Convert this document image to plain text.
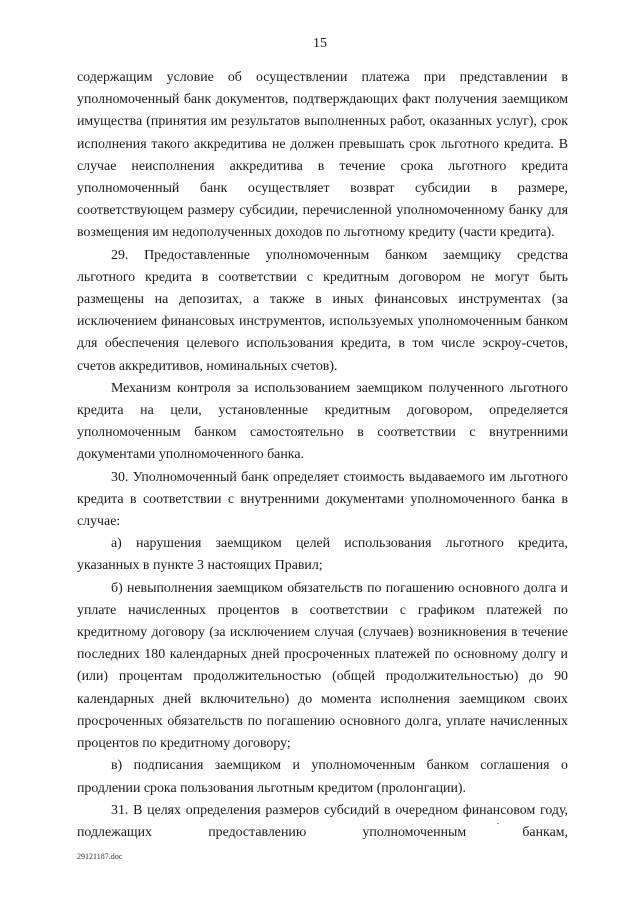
15

содержащим условие об осуществлении платежа при представлении в уполномоченный банк документов, подтверждающих факт получения заемщиком имущества (принятия им результатов выполненных работ, оказанных услуг), срок исполнения такого аккредитива не должен превышать срок льготного кредита. В случае неисполнения аккредитива в течение срока льготного кредита уполномоченный банк осуществляет возврат субсидии в размере, соответствующем размеру субсидии, перечисленной уполномоченному банку для возмещения им недополученных доходов по льготному кредиту (части кредита).

29. Предоставленные уполномоченным банком заемщику средства льготного кредита в соответствии с кредитным договором не могут быть размещены на депозитах, а также в иных финансовых инструментах (за исключением финансовых инструментов, используемых уполномоченным банком для обеспечения целевого использования кредита, в том числе эскроу-счетов, счетов аккредитивов, номинальных счетов).

Механизм контроля за использованием заемщиком полученного льготного кредита на цели, установленные кредитным договором, определяется уполномоченным банком самостоятельно в соответствии с внутренними документами уполномоченного банка.

30. Уполномоченный банк определяет стоимость выдаваемого им льготного кредита в соответствии с внутренними документами уполномоченного банка в случае:

а) нарушения заемщиком целей использования льготного кредита, указанных в пункте 3 настоящих Правил;

б) невыполнения заемщиком обязательств по погашению основного долга и уплате начисленных процентов в соответствии с графиком платежей по кредитному договору (за исключением случая (случаев) возникновения в течение последних 180 календарных дней просроченных платежей по основному долгу и (или) процентам продолжительностью (общей продолжительностью) до 90 календарных дней включительно) до момента исполнения заемщиком своих просроченных обязательств по погашению основного долга, уплате начисленных процентов по кредитному договору;

в) подписания заемщиком и уполномоченным банком соглашения о продлении срока пользования льготным кредитом (пролонгации).

31. В целях определения размеров субсидий в очередном финансовом году, подлежащих предоставлению уполномоченным банкам,

29121187.doc
